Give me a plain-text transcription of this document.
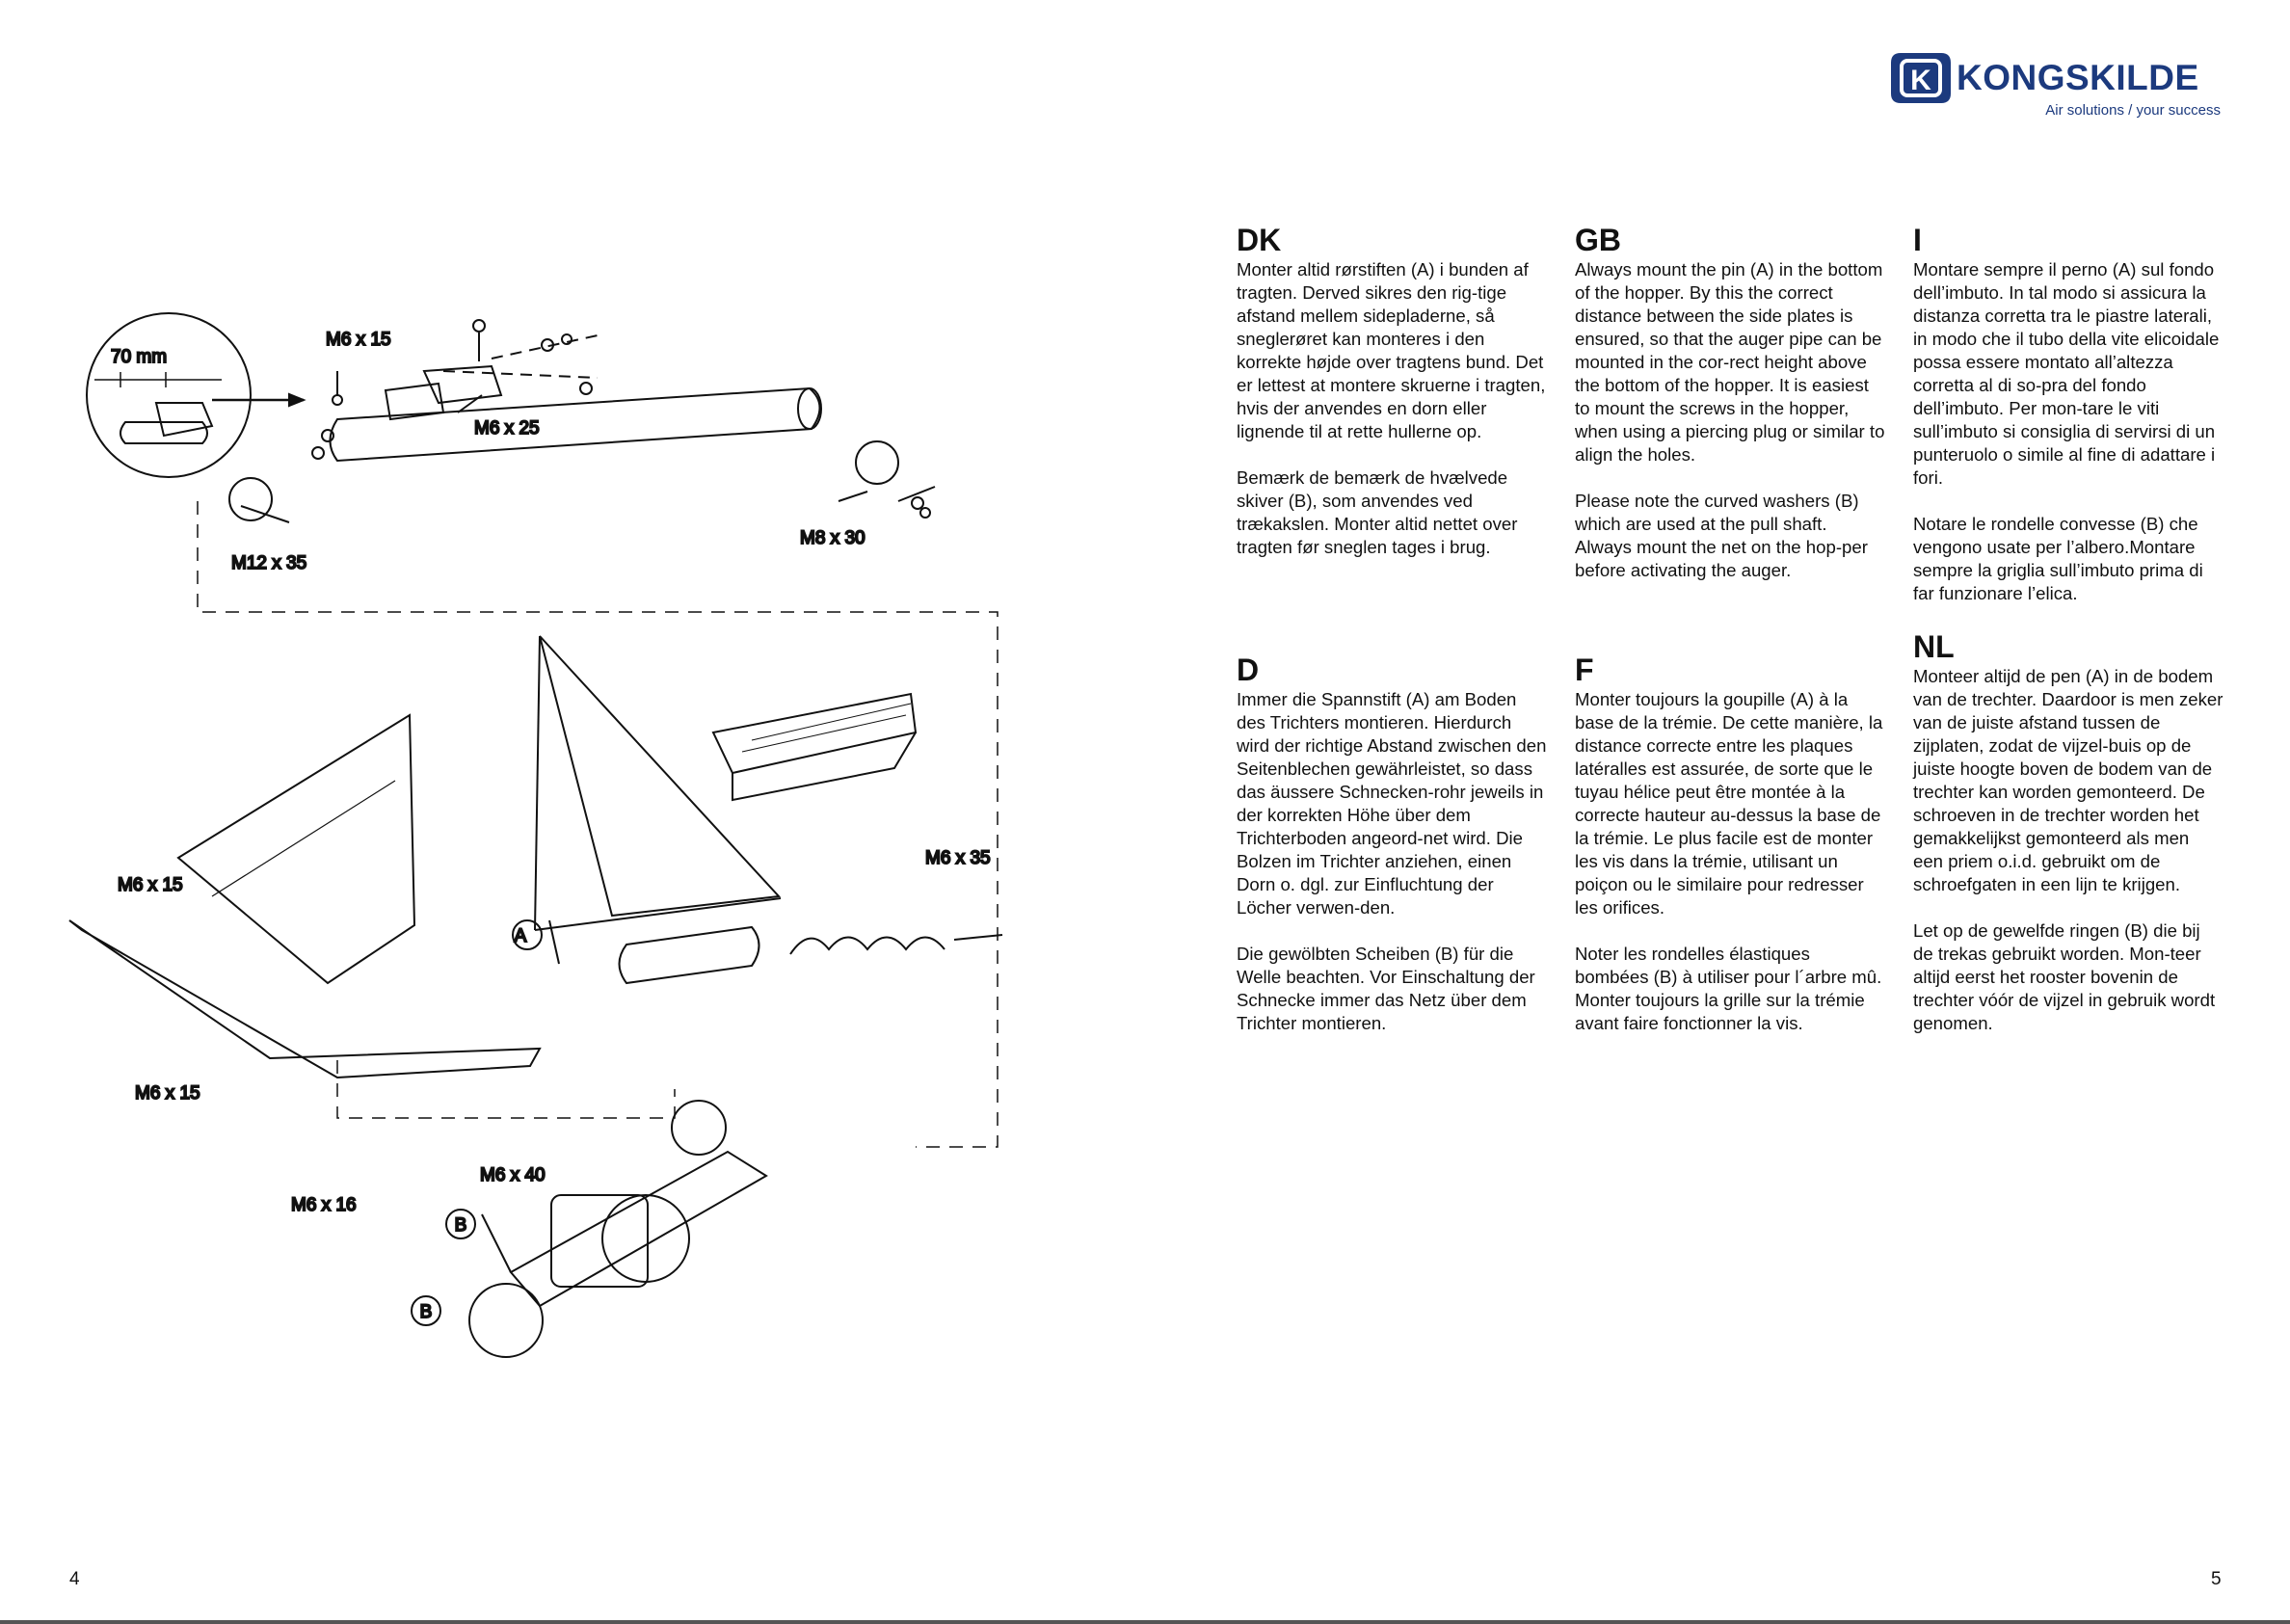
K KONGSKILDE
Air solutions / your success
70 mm
M6 x 15
M6 x 25
M12 x 35
M8 x 30
M6 x 15
M6 x 15
A
M6 x 35
M6 x 40
M6 x 16
B
B
DK

Monter altid rørstiften (A) i bunden af tragten. Derved sikres den rig-tige afstand mellem sidepladerne, så sneglerøret kan monteres i den korrekte højde over tragtens bund. Det er lettest at montere skruerne i tragten, hvis der anvendes en dorn eller lignende til at rette hullerne op.

Bemærk de bemærk de hvælvede skiver (B), som anvendes ved trækakslen. Monter altid nettet over tragten før sneglen tages i brug.

GB

Always mount the pin (A) in the bottom of the hopper. By this the correct distance between the side plates is ensured, so that the auger pipe can be mounted in the cor-rect height above the bottom of the hopper. It is easiest to mount the screws in the hopper, when using a piercing plug or similar to align the holes.

Please note the curved washers (B) which are used at the pull shaft. Always mount the net on the hop-per before activating the auger.

I

Montare sempre il perno (A) sul fondo dell’imbuto. In tal modo si assicura la distanza corretta tra le piastre laterali, in modo che il tubo della vite elicoidale possa essere montato all’altezza corretta al di so-pra del fondo dell’imbuto. Per mon-tare le viti sull’imbuto si consiglia di servirsi di un punteruolo o simile al fine di adattare i fori.

Notare le rondelle convesse (B) che vengono usate per l’albero.Montare sempre la griglia sull’imbuto prima di far funzionare l’elica.

D

Immer die Spannstift (A) am Boden des Trichters montieren. Hierdurch wird der richtige Abstand zwischen den Seitenblechen gewährleistet, so dass das äussere Schnecken-rohr jeweils in der korrekten Höhe über dem Trichterboden angeord-net wird. Die Bolzen im Trichter anziehen, einen Dorn o. dgl. zur Einfluchtung der Löcher verwen-den.

Die gewölbten Scheiben (B) für die Welle beachten. Vor Einschaltung der Schnecke immer das Netz über dem Trichter montieren.

F

Monter toujours la goupille (A) à la base de la trémie. De cette manière, la distance correcte entre les plaques latéralles est assurée, de sorte que le tuyau hélice peut être montée à la correcte hauteur au-dessus la base de la trémie. Le plus facile est de monter les vis dans la trémie, utilisant un poiçon ou le similaire pour redresser les orifices.

Noter les rondelles élastiques bombées (B) à utiliser pour l´arbre mû. Monter toujours la grille sur la trémie avant faire fonctionner la vis.

NL

Monteer altijd de pen (A) in de bodem van de trechter. Daardoor is men zeker van de juiste afstand tussen de zijplaten, zodat de vijzel-buis op de juiste hoogte boven de bodem van de trechter kan worden gemonteerd. De schroeven in de trechter worden het gemakkelijkst gemonteerd als men een priem o.i.d. gebruikt om de schroefgaten in een lijn te krijgen.

Let op de gewelfde ringen (B) die bij de trekas gebruikt worden. Mon-teer altijd eerst het rooster bovenin de trechter vóór de vijzel in gebruik wordt genomen.

4	5
